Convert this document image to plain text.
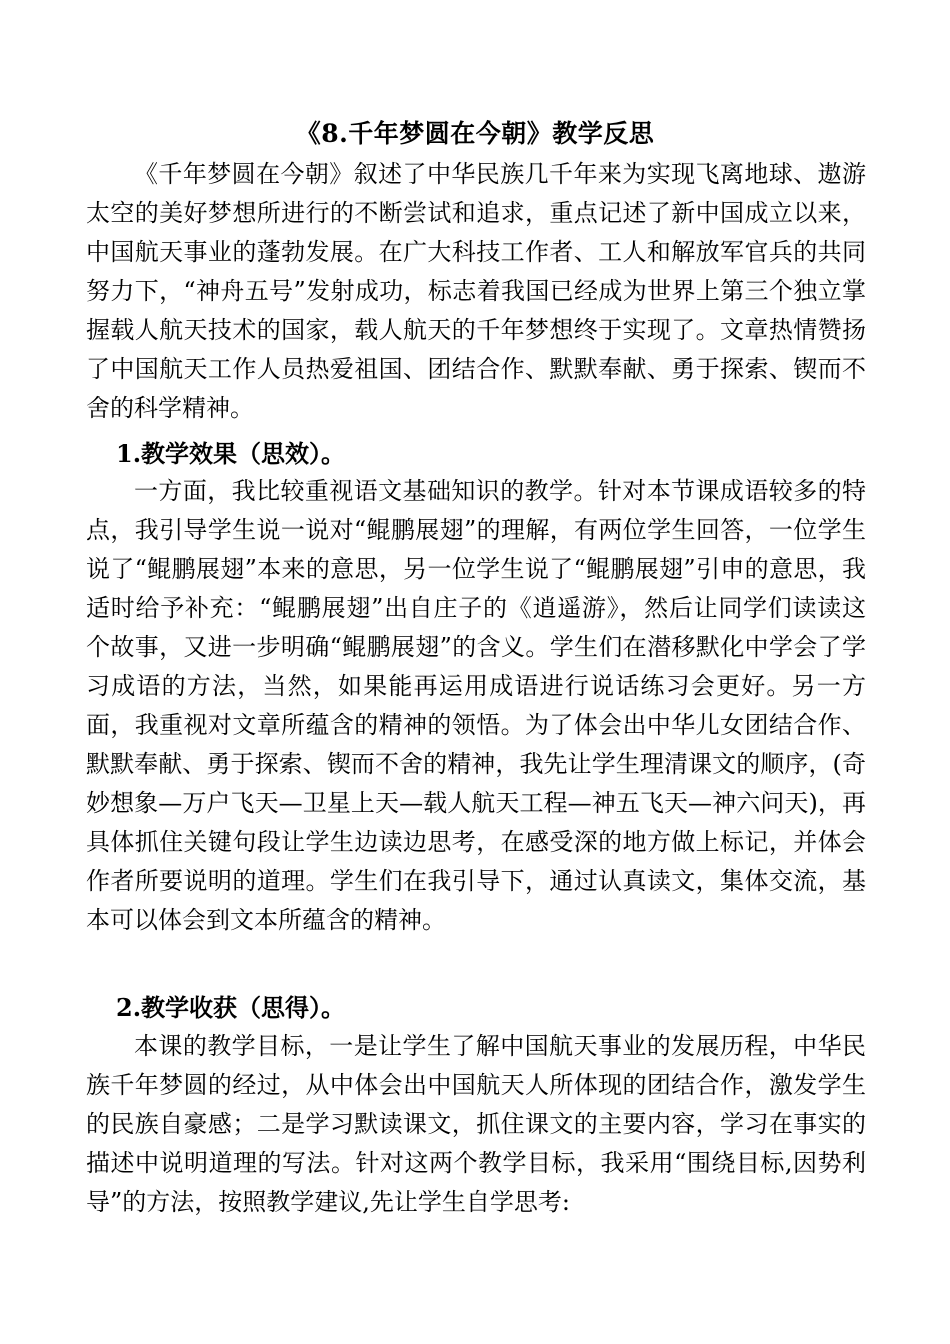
《8.千年梦圆在今朝》教学反思

《千年梦圆在今朝》叙述了中华民族几千年来为实现飞离地球、遨游太空的美好梦想所进行的不断尝试和追求，重点记述了新中国成立以来，中国航天事业的蓬勃发展。在广大科技工作者、工人和解放军官兵的共同努力下，“神舟五号”发射成功，标志着我国已经成为世界上第三个独立掌握载人航天技术的国家，载人航天的千年梦想终于实现了。文章热情赞扬了中国航天工作人员热爱祖国、团结合作、默默奉献、勇于探索、锲而不舍的科学精神。

1.教学效果（思效）。

一方面，我比较重视语文基础知识的教学。针对本节课成语较多的特点，我引导学生说一说对“鲲鹏展翅”的理解，有两位学生回答，一位学生说了“鲲鹏展翅”本来的意思，另一位学生说了“鲲鹏展翅”引申的意思，我适时给予补充：“鲲鹏展翅”出自庄子的《逍遥游》，然后让同学们读读这个故事，又进一步明确“鲲鹏展翅”的含义。学生们在潜移默化中学会了学习成语的方法，当然，如果能再运用成语进行说话练习会更好。另一方面，我重视对文章所蕴含的精神的领悟。为了体会出中华儿女团结合作、默默奉献、勇于探索、锲而不舍的精神，我先让学生理清课文的顺序，(奇妙想象—万户飞天—卫星上天—载人航天工程—神五飞天—神六问天)，再具体抓住关键句段让学生边读边思考，在感受深的地方做上标记，并体会作者所要说明的道理。学生们在我引导下，通过认真读文，集体交流，基本可以体会到文本所蕴含的精神。

2.教学收获（思得）。

本课的教学目标，一是让学生了解中国航天事业的发展历程，中华民族千年梦圆的经过，从中体会出中国航天人所体现的团结合作，激发学生的民族自豪感；二是学习默读课文，抓住课文的主要内容，学习在事实的描述中说明道理的写法。针对这两个教学目标，我采用“围绕目标,因势利导”的方法，按照教学建议,先让学生自学思考:
